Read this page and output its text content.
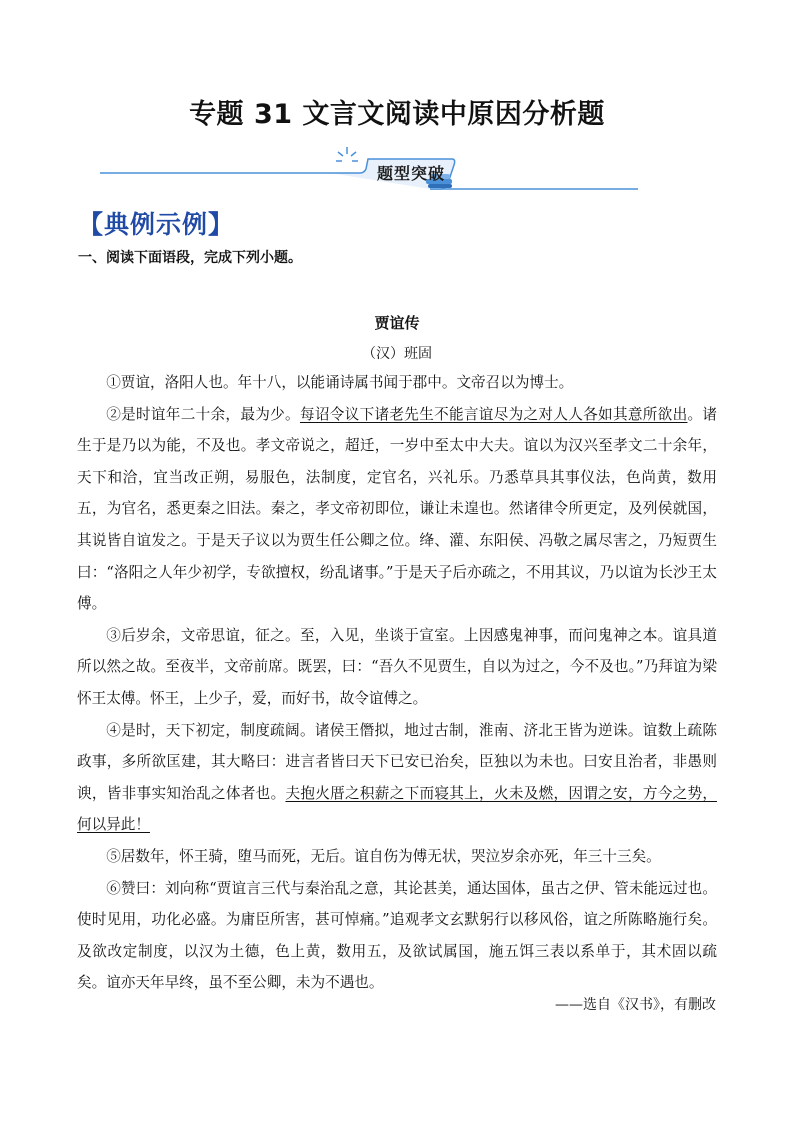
专题 31 文言文阅读中原因分析题
题型突破
【典例示例】
一、阅读下面语段，完成下列小题。
贾谊传
（汉）班固

①贾谊，洛阳人也。年十八，以能诵诗属书闻于郡中。文帝召以为博士。

②是时谊年二十余，最为少。每诏令议下诸老先生不能言谊尽为之对人人各如其意所欲出。诸生于是乃以为能，不及也。孝文帝说之，超迁，一岁中至太中大夫。谊以为汉兴至孝文二十余年，天下和洽，宜当改正朔，易服色，法制度，定官名，兴礼乐。乃悉草具其事仪法，色尚黄，数用五，为官名，悉更秦之旧法。秦之，孝文帝初即位，谦让未遑也。然诸律令所更定，及列侯就国，其说皆自谊发之。于是天子议以为贾生任公卿之位。绛、灌、东阳侯、冯敬之属尽害之，乃短贾生曰：“洛阳之人年少初学，专欲擅权，纷乱诸事。”于是天子后亦疏之，不用其议，乃以谊为长沙王太傅。

③后岁余，文帝思谊，征之。至，入见，坐谈于宣室。上因感鬼神事，而问鬼神之本。谊具道所以然之故。至夜半，文帝前席。既罢，曰：“吾久不见贾生，自以为过之，今不及也。”乃拜谊为梁怀王太傅。怀王，上少子，爱，而好书，故令谊傅之。

④是时，天下初定，制度疏阔。诸侯王僭拟，地过古制，淮南、济北王皆为逆诛。谊数上疏陈政事，多所欲匡建，其大略曰：进言者皆曰天下已安已治矣，臣独以为未也。曰安且治者，非愚则谀，皆非事实知治乱之体者也。夫抱火厝之积薪之下而寝其上，火未及燃，因谓之安，方今之势，何以异此！

⑤居数年，怀王骑，堕马而死，无后。谊自伤为傅无状，哭泣岁余亦死，年三十三矣。

⑥赞曰：刘向称“贾谊言三代与秦治乱之意，其论甚美，通达国体，虽古之伊、管未能远过也。使时见用，功化必盛。为庸臣所害，甚可悼痛。”追观孝文玄默躬行以移风俗，谊之所陈略施行矣。及欲改定制度，以汉为土德，色上黄，数用五，及欲试属国，施五饵三表以系单于，其术固以疏矣。谊亦天年早终，虽不至公卿，未为不遇也。

——选自《汉书》，有删改
